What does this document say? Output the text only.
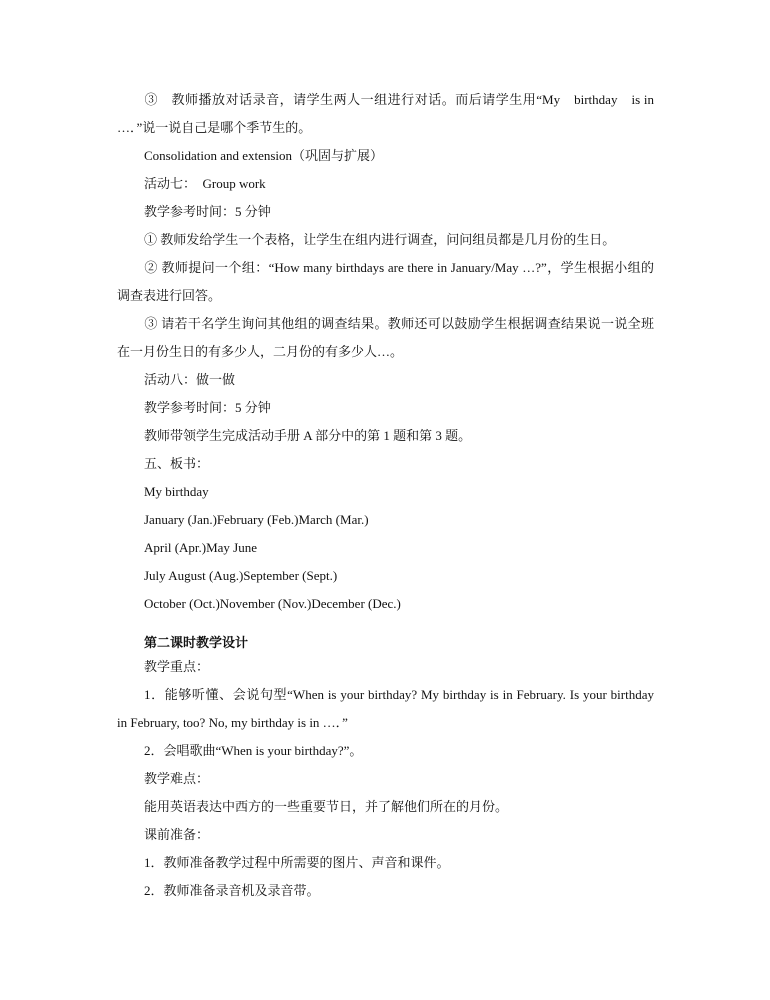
③　教师播放对话录音，请学生两人一组进行对话。而后请学生用“My　birthday　is in …．”说一说自己是哪个季节生的。

Consolidation and extension（巩固与扩展）

活动七：　Group work

教学参考时间：5 分钟

① 教师发给学生一个表格，让学生在组内进行调查，问问组员都是几月份的生日。

② 教师提问一个组：“How many birthdays are there in January/May …?”，学生根据小组的调查表进行回答。

③ 请若干名学生询问其他组的调查结果。教师还可以鼓励学生根据调查结果说一说全班在一月份生日的有多少人，二月份的有多少人…。

活动八：做一做

教学参考时间：5 分钟

教师带领学生完成活动手册 A 部分中的第 1 题和第 3 题。

五、板书：

My birthday

January (Jan.)February (Feb.)March (Mar.)

April (Apr.)May June

July August (Aug.)September (Sept.)

October (Oct.)November (Nov.)December (Dec.)

第二课时教学设计

教学重点：

1．能够听懂、会说句型“When is your birthday? My birthday is in February. Is your birthday in February, too? No, my birthday is in …．”

2．会唱歌曲“When is your birthday?”。

教学难点：

能用英语表达中西方的一些重要节日，并了解他们所在的月份。

课前准备：

1．教师准备教学过程中所需要的图片、声音和课件。

2．教师准备录音机及录音带。
